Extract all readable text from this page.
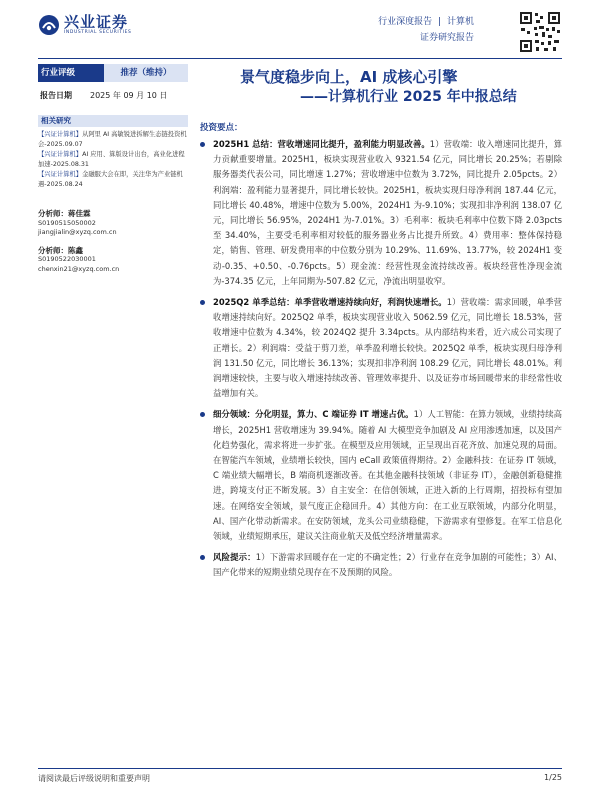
兴业证券
INDUSTRIAL SECURITIES
行业深度报告 | 计算机
证券研究报告
行业评级	推荐（维持）
报告日期	2025 年 09 月 10 日
相关研究
【兴证计算机】从阿里 AI 高敏锐进拆解生态链投资机会-2025.09.07
【兴证计算机】AI 应用、算版设计出台，高业化进程加速-2025.08.31
【兴证计算机】金融服大会在即，关注华为产业链机遇-2025.08.24
分析师：蒋佳霖
S0190515050002
jiangjialin@xyzq.com.cn
分析师：陈鑫
S0190522030001
chenxin21@xyzq.com.cn
景气度稳步向上，AI 成核心引擎
——计算机行业 2025 年中报总结
投资要点：
2025H1 总结：营收增速同比提升，盈利能力明显改善。1）营收端：收入增速同比提升，算力贡献重要增量。2025H1，板块实现营业收入 9321.54 亿元，同比增长 20.25%；若剔除服务器类代表公司，同比增速 1.27%；营收增速中位数为 3.72%，同比提升 2.05pcts。2）利润端：盈利能力显著提升，同比增长较快。2025H1，板块实现归母净利润 187.44 亿元，同比增长 40.48%，增速中位数为 5.00%，2024H1 为-9.10%；实现扣非净利润 138.07 亿元，同比增长 56.95%，2024H1 为-7.01%。3）毛利率：板块毛利率中位数下降 2.03pcts 至 34.40%，主要受毛利率相对较低的服务器业务占比提升所致。4）费用率：整体保持稳定，销售、管理、研发费用率的中位数分别为 10.29%、11.69%、13.77%，较 2024H1 变动-0.35、+0.50、-0.76pcts。5）现金流：经营性现金流持续改善。板块经营性净现金流为-374.35 亿元，上年同期为-507.82 亿元，净流出明显收窄。
2025Q2 单季总结：单季营收增速持续向好，利润快速增长。1）营收端：需求回暖，单季营收增速持续向好。2025Q2 单季，板块实现营业收入 5062.59 亿元，同比增长 18.53%，营收增速中位数为 4.34%，较 2024Q2 提升 3.34pcts。从内部结构来看，近六成公司实现了正增长。2）利润端：受益于剪刀差，单季盈利增长较快。2025Q2 单季，板块实现归母净利润 131.50 亿元，同比增长 36.13%；实现扣非净利润 108.29 亿元，同比增长 48.01%。利润增速较快，主要与收入增速持续改善、管理效率提升、以及证券市场回暖带来的非经常性收益增加有关。
细分领域：分化明显，算力、C 端证券 IT 增速占优。1）人工智能：在算力领域，业绩持续高增长，2025H1 营收增速为 39.94%。随着 AI 大模型竞争加剧及 AI 应用渗透加速，以及国产化趋势强化，需求将进一步扩张。在模型及应用领域，正呈现出百花齐放、加速兑现的局面。在智能汽车领域，业绩增长较快，国内 eCall 政策值得期待。2）金融科技：在证券 IT 领域，C 端业绩大幅增长，B 端商机逐渐改善。在其他金融科技领域（非证券 IT），金融创新稳健推进，跨境支付正不断发展。3）自主安全：在信创领域，正进入新的上行周期，招投标有望加速。在网络安全领域，景气度正企稳回升。4）其他方向：在工业互联领域，内部分化明显，AI、国产化带动新需求。在安防领域，龙头公司业绩稳健，下游需求有望修复。在军工信息化领域，业绩短期承压，建议关注商业航天及低空经济增量需求。
风险提示：1）下游需求回暖存在一定的不确定性；2）行业存在竞争加剧的可能性；3）AI、国产化带来的短期业绩兑现存在不及预期的风险。
请阅读最后评级说明和重要声明	1/25
